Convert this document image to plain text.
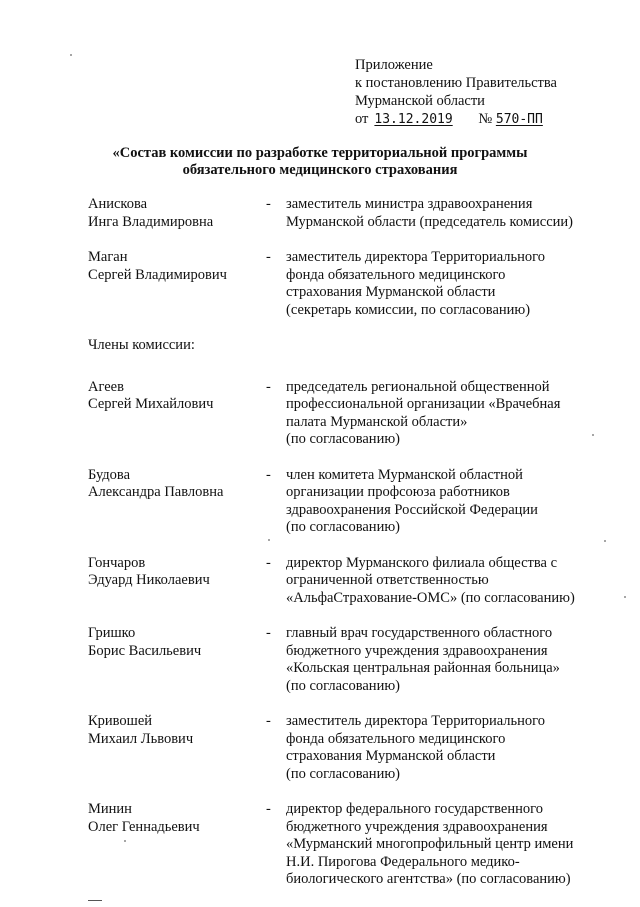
Приложение
к постановлению Правительства
Мурманской области
от 13.12.2019 № 570-ПП
«Состав комиссии по разработке территориальной программы
обязательного медицинского страхования
Анискова
Инга Владимировна
-	заместитель министра здравоохранения
Мурманской области (председатель комиссии)
Маган
Сергей Владимирович
-	заместитель директора Территориального
фонда обязательного медицинского
страхования Мурманской области
(секретарь комиссии, по согласованию)
Члены комиссии:
Агеев
Сергей Михайлович
-	председатель региональной общественной
профессиональной организации «Врачебная
палата Мурманской области»
(по согласованию)
Будова
Александра Павловна
-	член комитета Мурманской областной
организации профсоюза работников
здравоохранения Российской Федерации
(по согласованию)
Гончаров
Эдуард Николаевич
-	директор Мурманского филиала общества с
ограниченной ответственностью
«АльфаСтрахование-ОМС» (по согласованию)
Гришко
Борис Васильевич
-	главный врач государственного областного
бюджетного учреждения здравоохранения
«Кольская центральная районная больница»
(по согласованию)
Кривошей
Михаил Львович
-	заместитель директора Территориального
фонда обязательного медицинского
страхования Мурманской области
(по согласованию)
Минин
Олег Геннадьевич
-	директор федерального государственного
бюджетного учреждения здравоохранения
«Мурманский многопрофильный центр имени
Н.И. Пирогова Федерального медико-
биологического агентства» (по согласованию)
